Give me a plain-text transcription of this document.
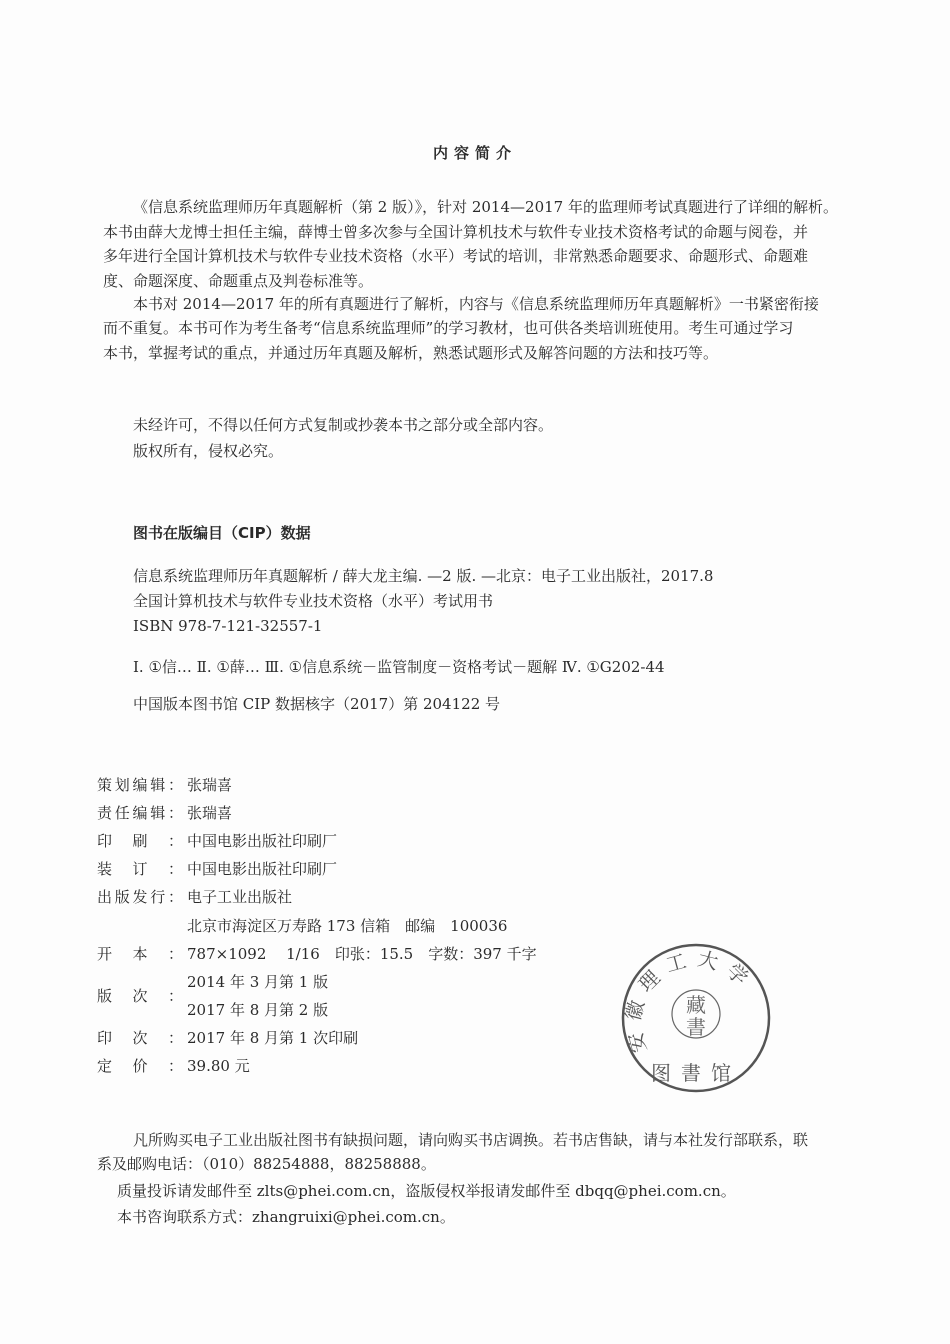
内容简介
《信息系统监理师历年真题解析（第 2 版）》，针对 2014—2017 年的监理师考试真题进行了详细的解析。
本书由薛大龙博士担任主编，薛博士曾多次参与全国计算机技术与软件专业技术资格考试的命题与阅卷，并
多年进行全国计算机技术与软件专业技术资格（水平）考试的培训，非常熟悉命题要求、命题形式、命题难
度、命题深度、命题重点及判卷标准等。
本书对 2014—2017 年的所有真题进行了解析，内容与《信息系统监理师历年真题解析》一书紧密衔接
而不重复。本书可作为考生备考“信息系统监理师”的学习教材，也可供各类培训班使用。考生可通过学习
本书，掌握考试的重点，并通过历年真题及解析，熟悉试题形式及解答问题的方法和技巧等。
未经许可，不得以任何方式复制或抄袭本书之部分或全部内容。
版权所有，侵权必究。
图书在版编目（CIP）数据
信息系统监理师历年真题解析 / 薛大龙主编. —2 版. —北京：电子工业出版社，2017.8
全国计算机技术与软件专业技术资格（水平）考试用书
ISBN 978-7-121-32557-1
Ⅰ. ①信… Ⅱ. ①薛… Ⅲ. ①信息系统－监管制度－资格考试－题解 Ⅳ. ①G202-44
中国版本图书馆 CIP 数据核字（2017）第 204122 号
策划编辑： 张瑞喜
责任编辑： 张瑞喜
印刷： 中国电影出版社印刷厂
装订： 中国电影出版社印刷厂
出版发行： 电子工业出版社
北京市海淀区万寿路 173 信箱　邮编　100036
开本： 787×1092　 1/16　印张：15.5　字数：397 千字
版次：
2014 年 3 月第 1 版
2017 年 8 月第 2 版
印次： 2017 年 8 月第 1 次印刷
定价： 39.80 元
安徽理工大学
藏
書
图書馆
凡所购买电子工业出版社图书有缺损问题，请向购买书店调换。若书店售缺，请与本社发行部联系，联
系及邮购电话：（010）88254888，88258888。
质量投诉请发邮件至 zlts@phei.com.cn，盗版侵权举报请发邮件至 dbqq@phei.com.cn。
本书咨询联系方式：zhangruixi@phei.com.cn。
